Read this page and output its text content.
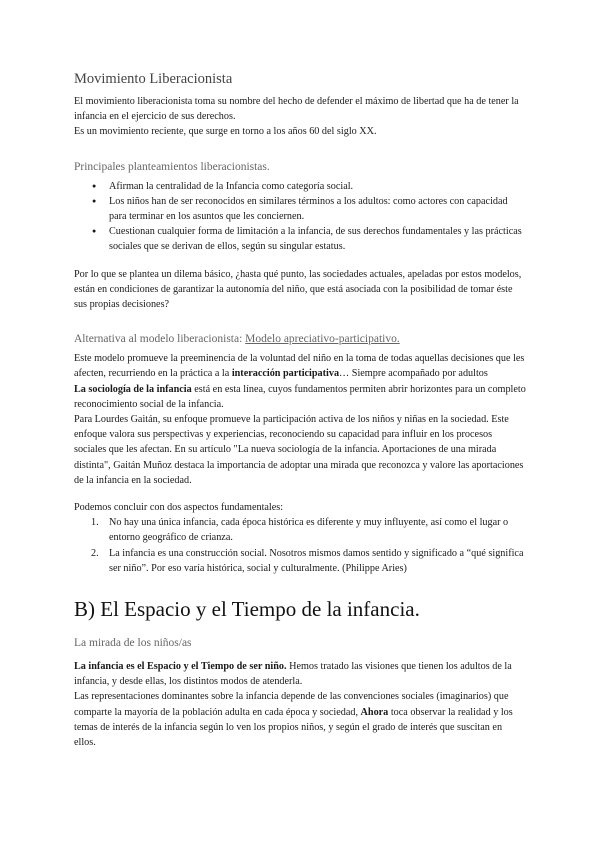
Movimiento Liberacionista

El movimiento liberacionista toma su nombre del hecho de defender el máximo de libertad que ha de tener la infancia en el ejercicio de sus derechos.

Es un movimiento reciente, que surge en torno a los años 60 del siglo XX.

Principales planteamientos liberacionistas.
● Afirman la centralidad de la Infancia como categoría social.
● Los niños han de ser reconocidos en similares términos a los adultos: como actores con capacidad para terminar en los asuntos que les conciernen.
● Cuestionan cualquier forma de limitación a la infancia, de sus derechos fundamentales y las prácticas sociales que se derivan de ellos, según su singular estatus.

Por lo que se plantea un dilema básico, ¿hasta qué punto, las sociedades actuales, apeladas por estos modelos, están en condiciones de garantizar la autonomía del niño, que está asociada con la posibilidad de tomar éste sus propias decisiones?

Alternativa al modelo liberacionista: Modelo apreciativo-participativo.

Este modelo promueve la preeminencia de la voluntad del niño en la toma de todas aquellas decisiones que les afecten, recurriendo en la práctica a la interacción participativa… Siempre acompañado por adultos

La sociología de la infancia está en esta línea, cuyos fundamentos permiten abrir horizontes para un completo reconocimiento social de la infancia.

Para Lourdes Gaitán, su enfoque promueve la participación activa de los niños y niñas en la sociedad. Este enfoque valora sus perspectivas y experiencias, reconociendo su capacidad para influir en los procesos sociales que les afectan. En su artículo "La nueva sociología de la infancia. Aportaciones de una mirada distinta", Gaitán Muñoz destaca la importancia de adoptar una mirada que reconozca y valore las aportaciones de la infancia en la sociedad.

Podemos concluir con dos aspectos fundamentales:

1. No hay una única infancia, cada época histórica es diferente y muy influyente, así como el lugar o entorno geográfico de crianza.
2. La infancia es una construcción social. Nosotros mismos damos sentido y significado a “qué significa ser niño”. Por eso varía histórica, social y culturalmente. (Philippe Aries)
B) El Espacio y el Tiempo de la infancia.
La mirada de los niños/as

La infancia es el Espacio y el Tiempo de ser niño. Hemos tratado las visiones que tienen los adultos de la infancia, y desde ellas, los distintos modos de atenderla.

Las representaciones dominantes sobre la infancia depende de las convenciones sociales (imaginarios) que comparte la mayoría de la población adulta en cada época y sociedad, Ahora toca observar la realidad y los temas de interés de la infancia según lo ven los propios niños, y según el grado de interés que suscitan en ellos.
